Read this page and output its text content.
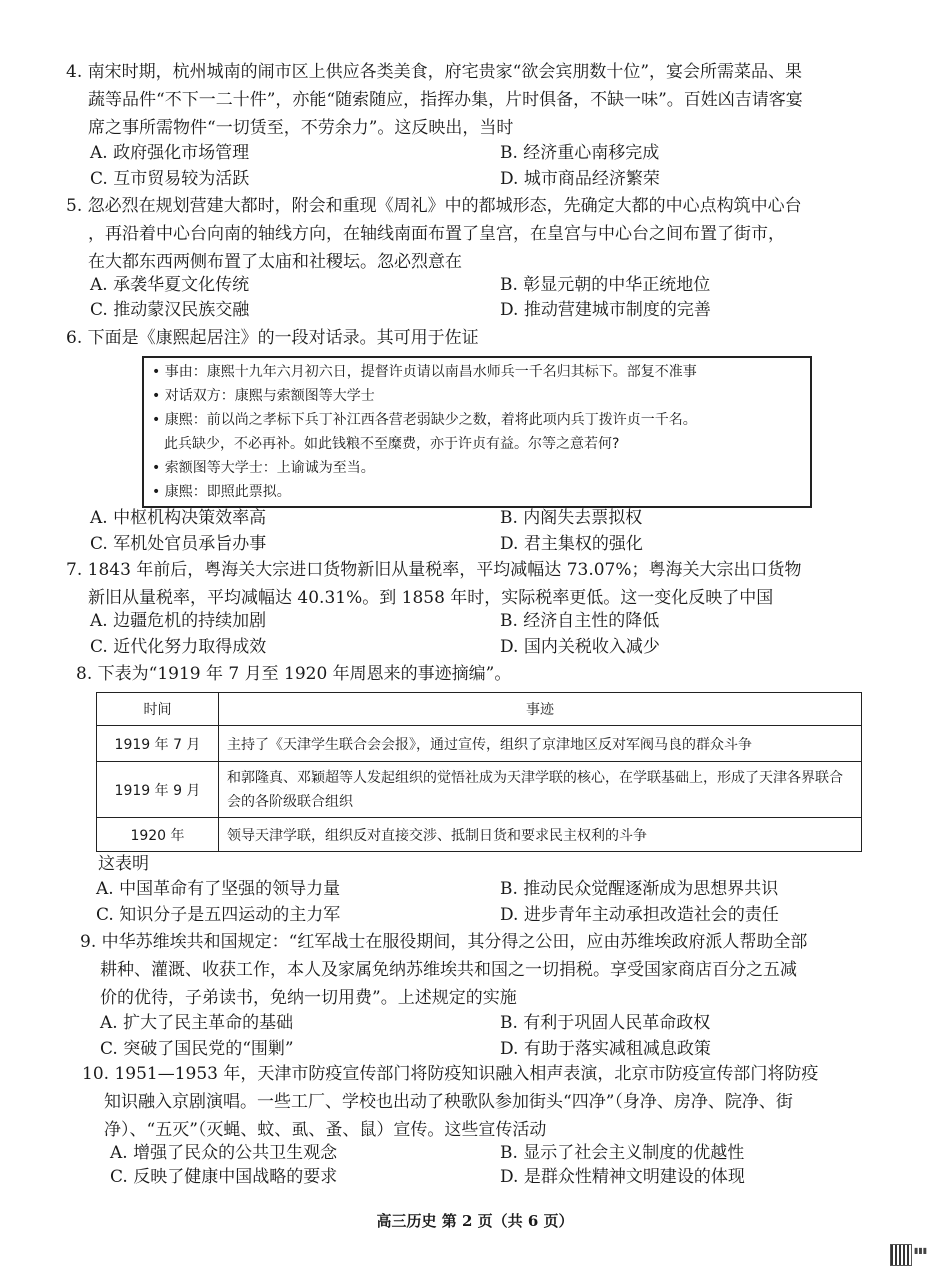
4. 南宋时期，杭州城南的闹市区上供应各类美食，府宅贵家“欲会宾朋数十位”，宴会所需菜品、果
蔬等品件“不下一二十件”，亦能“随索随应，指挥办集，片时俱备，不缺一味”。百姓凶吉请客宴
席之事所需物件“一切赁至，不劳余力”。这反映出，当时
A. 政府强化市场管理	B. 经济重心南移完成
C. 互市贸易较为活跃	D. 城市商品经济繁荣
5. 忽必烈在规划营建大都时，附会和重现《周礼》中的都城形态，先确定大都的中心点构筑中心台
，再沿着中心台向南的轴线方向，在轴线南面布置了皇宫，在皇宫与中心台之间布置了街市，
在大都东西两侧布置了太庙和社稷坛。忽必烈意在
A. 承袭华夏文化传统	B. 彰显元朝的中华正统地位
C. 推动蒙汉民族交融	D. 推动营建城市制度的完善
6. 下面是《康熙起居注》的一段对话录。其可用于佐证
• 事由：康熙十九年六月初六日，提督许贞请以南昌水师兵一千名归其标下。部复不准事
• 对话双方：康熙与索额图等大学士
• 康熙：前以尚之孝标下兵丁补江西各营老弱缺少之数，着将此项内兵丁拨许贞一千名。
此兵缺少，不必再补。如此钱粮不至糜费，亦于许贞有益。尔等之意若何?
• 索额图等大学士：上谕诚为至当。
• 康熙：即照此票拟。
A. 中枢机构决策效率高	B. 内阁失去票拟权
C. 军机处官员承旨办事	D. 君主集权的强化
7. 1843 年前后，粤海关大宗进口货物新旧从量税率，平均减幅达 73.07%；粤海关大宗出口货物
新旧从量税率，平均减幅达 40.31%。到 1858 年时，实际税率更低。这一变化反映了中国
A. 边疆危机的持续加剧	B. 经济自主性的降低
C. 近代化努力取得成效	D. 国内关税收入减少
8. 下表为“1919 年 7 月至 1920 年周恩来的事迹摘编”。
时间	事迹
1919 年 7 月	主持了《天津学生联合会会报》，通过宣传，组织了京津地区反对军阀马良的群众斗争
1919 年 9 月	和郭隆真、邓颖超等人发起组织的觉悟社成为天津学联的核心，在学联基础上，形成了天津各界联合会的各阶级联合组织
1920 年	领导天津学联，组织反对直接交涉、抵制日货和要求民主权利的斗争
这表明
A. 中国革命有了坚强的领导力量	B. 推动民众觉醒逐渐成为思想界共识
C. 知识分子是五四运动的主力军	D. 进步青年主动承担改造社会的责任
9. 中华苏维埃共和国规定：“红军战士在服役期间，其分得之公田，应由苏维埃政府派人帮助全部
耕种、灌溉、收获工作，本人及家属免纳苏维埃共和国之一切捐税。享受国家商店百分之五减
价的优待，子弟读书，免纳一切用费”。上述规定的实施
A. 扩大了民主革命的基础	B. 有利于巩固人民革命政权
C. 突破了国民党的“围剿”	D. 有助于落实减租减息政策
10. 1951—1953 年，天津市防疫宣传部门将防疫知识融入相声表演，北京市防疫宣传部门将防疫
知识融入京剧演唱。一些工厂、学校也出动了秧歌队参加街头“四净”（身净、房净、院净、街
净）、“五灭”（灭蝇、蚊、虱、蚤、鼠）宣传。这些宣传活动
A. 增强了民众的公共卫生观念	B. 显示了社会主义制度的优越性
C. 反映了健康中国战略的要求	D. 是群众性精神文明建设的体现
高三历史 第 2 页（共 6 页）
▮▮▮
